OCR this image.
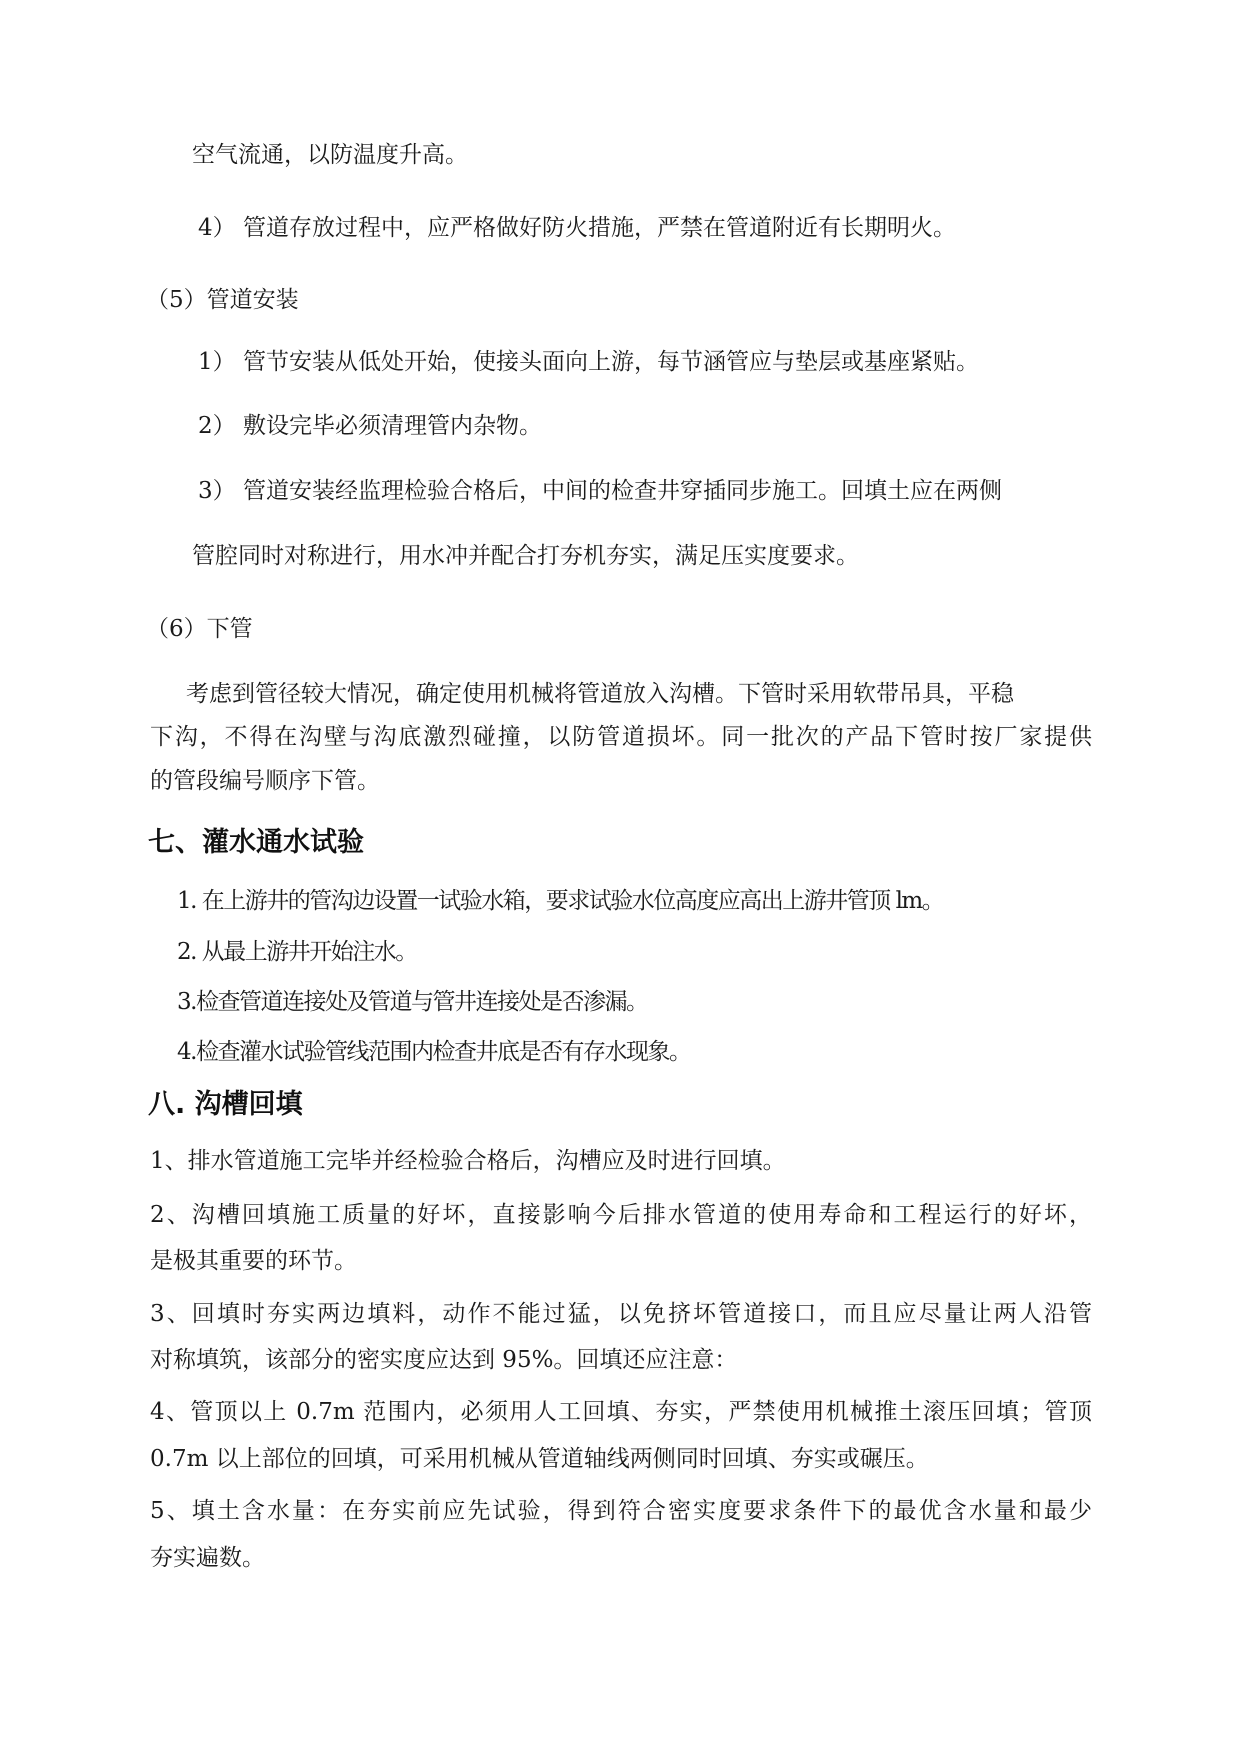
空气流通，以防温度升高。
4） 管道存放过程中，应严格做好防火措施，严禁在管道附近有长期明火。
（5）管道安装
1） 管节安装从低处开始，使接头面向上游，每节涵管应与垫层或基座紧贴。
2） 敷设完毕必须清理管内杂物。
3） 管道安装经监理检验合格后，中间的检查井穿插同步施工。回填土应在两侧
管腔同时对称进行，用水冲并配合打夯机夯实，满足压实度要求。
（6）下管
考虑到管径较大情况，确定使用机械将管道放入沟槽。下管时采用软带吊具，平稳
下沟，不得在沟壁与沟底激烈碰撞，以防管道损坏。同一批次的产品下管时按厂家提供
的管段编号顺序下管。
七、灌水通水试验
1. 在上游井的管沟边设置一试验水箱，要求试验水位高度应高出上游井管顶 lm。
2. 从最上游井开始注水。
3.检查管道连接处及管道与管井连接处是否渗漏。
4.检查灌水试验管线范围内检查井底是否有存水现象。
八. 沟槽回填
1、排水管道施工完毕并经检验合格后，沟槽应及时进行回填。
2、沟槽回填施工质量的好坏，直接影响今后排水管道的使用寿命和工程运行的好坏，
是极其重要的环节。
3、回填时夯实两边填料，动作不能过猛，以免挤坏管道接口，而且应尽量让两人沿管
对称填筑，该部分的密实度应达到 95%。回填还应注意：
4、管顶以上 0.7m 范围内，必须用人工回填、夯实，严禁使用机械推土滚压回填；管顶
0.7m 以上部位的回填，可采用机械从管道轴线两侧同时回填、夯实或碾压。
5、填土含水量：在夯实前应先试验，得到符合密实度要求条件下的最优含水量和最少
夯实遍数。
